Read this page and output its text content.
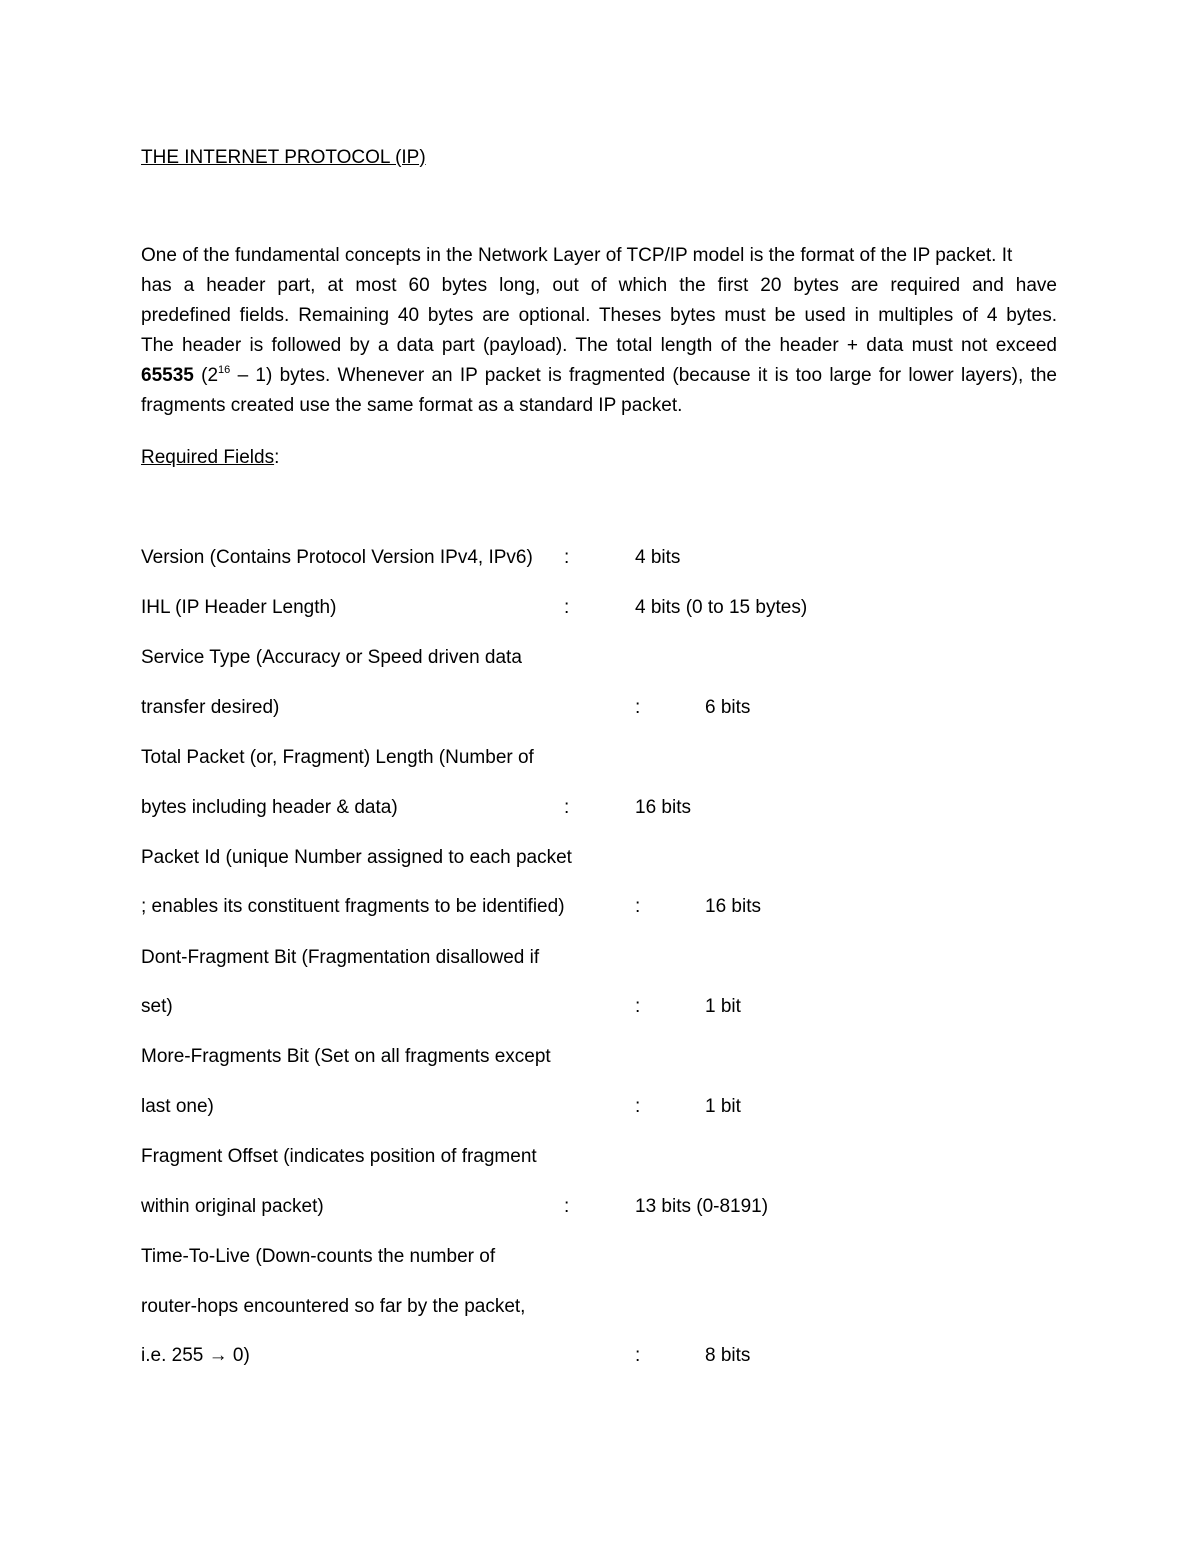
THE INTERNET PROTOCOL (IP)
One of the fundamental concepts in the Network Layer of TCP/IP model is the format of the IP packet. It
has a header part, at most 60 bytes long, out of which the first 20 bytes are required and have
predefined fields. Remaining 40 bytes are optional. Theses bytes must be used in multiples of 4 bytes.
The header is followed by a data part (payload). The total length of the header + data must not exceed
65535 $(2^{16} - 1)$ bytes. Whenever an IP packet is fragmented (because it is too large for lower layers), the
fragments created use the same format as a standard IP packet.
Required Fields:
Version (Contains Protocol Version IPv4, IPv6) :	4 bits
IHL (IP Header Length)	:	4 bits (0 to 15 bytes)
Service Type (Accuracy or Speed driven data
transfer desired)	:	6 bits
Total Packet (or, Fragment) Length (Number of
bytes including header & data)	:	16 bits
Packet Id (unique Number assigned to each packet
; enables its constituent fragments to be identified)	:	16 bits
Dont-Fragment Bit (Fragmentation disallowed if
set)	:	1 bit
More-Fragments Bit (Set on all fragments except
last one)	:	1 bit
Fragment Offset (indicates position of fragment
within original packet)	:	13 bits (0-8191)
Time-To-Live (Down-counts the number of
router-hops encountered so far by the packet,
i.e. 255 → 0)	:	8 bits
